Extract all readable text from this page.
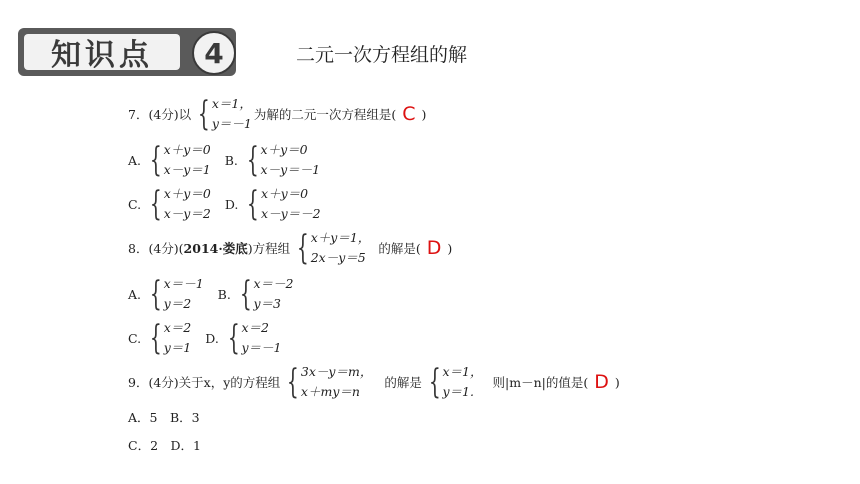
知识点	4	二元一次方程组的解
7．(4分)以 { x＝1，
y＝－1
为解的二元一次方程组是( C )
A. { x＋y＝0
x－y＝1
B. { x＋y＝0
x－y＝－1
C. { x＋y＝0
x－y＝2
D. { x＋y＝0
x－y＝－2
8．(4分)( 2014·娄底 )方程组 { x＋y＝1，
2x－y＝5
的解是( D )
A. { x＝－1
y＝2
B. { x＝－2
y＝3
C. { x＝2
y＝1
D. { x＝2
y＝－1
9．(4分)关于x，y的方程组 { 3x－y＝m，
x＋my＝n
的解是 { x＝1，
y＝1.
则|m－n|的值是( D )
A．5　B．3
C．2　D．1
